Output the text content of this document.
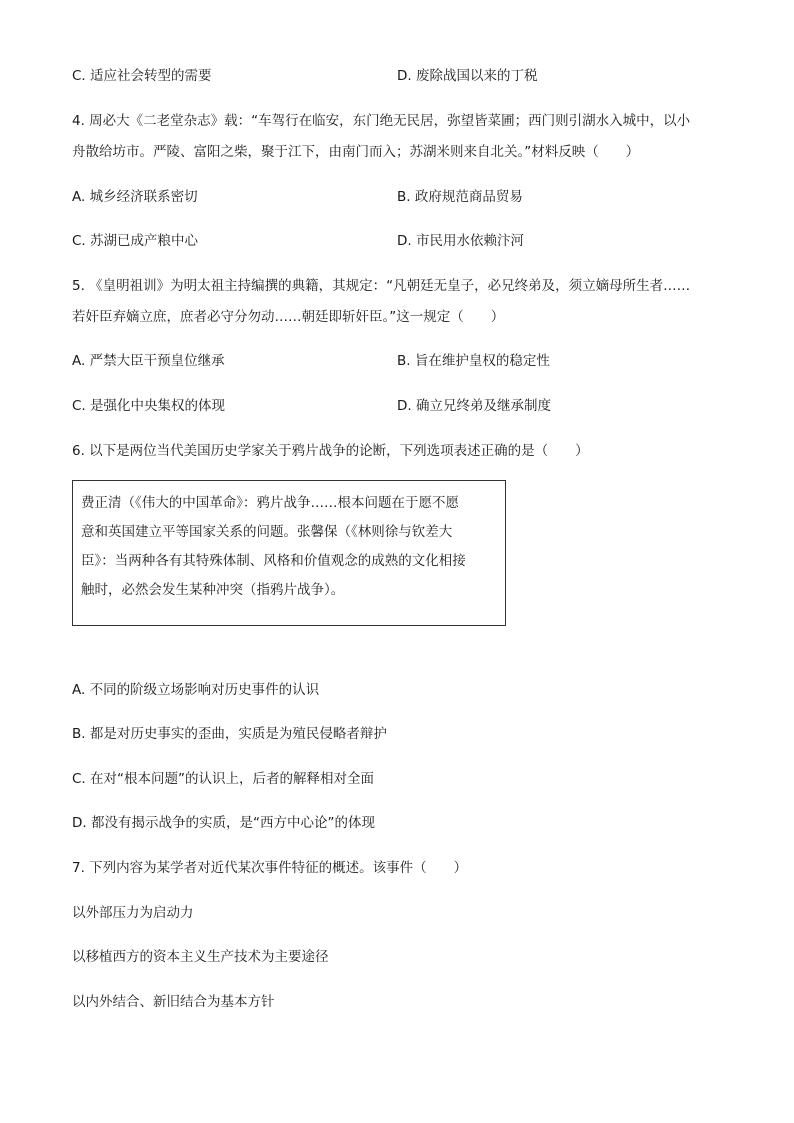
C. 适应社会转型的需要	D. 废除战国以来的丁税
4. 周必大《二老堂杂志》载：“车驾行在临安，东门绝无民居，弥望皆菜圃；西门则引湖水入城中，以小
舟散给坊市。严陵、富阳之柴，聚于江下，由南门而入；苏湖米则来自北关。”材料反映（　　）
A. 城乡经济联系密切	B. 政府规范商品贸易
C. 苏湖已成产粮中心	D. 市民用水依赖汴河
5. 《皇明祖训》为明太祖主持编撰的典籍，其规定：“凡朝廷无皇子，必兄终弟及，须立嫡母所生者……
若奸臣弃嫡立庶，庶者必守分勿动……朝廷即斩奸臣。”这一规定（　　）
A. 严禁大臣干预皇位继承	B. 旨在维护皇权的稳定性
C. 是强化中央集权的体现	D. 确立兄终弟及继承制度
6. 以下是两位当代美国历史学家关于鸦片战争的论断，下列选项表述正确的是（　　）

费正清（《伟大的中国革命》：鸦片战争……根本问题在于愿不愿

意和英国建立平等国家关系的问题。张馨保（《林则徐与钦差大

臣》：当两种各有其特殊体制、风格和价值观念的成熟的文化相接

触时，必然会发生某种冲突（指鸦片战争）。

A. 不同的阶级立场影响对历史事件的认识
B. 都是对历史事实的歪曲，实质是为殖民侵略者辩护
C. 在对“根本问题”的认识上，后者的解释相对全面
D. 都没有揭示战争的实质，是“西方中心论”的体现
7. 下列内容为某学者对近代某次事件特征的概述。该事件（　　）
以外部压力为启动力
以移植西方的资本主义生产技术为主要途径
以内外结合、新旧结合为基本方针
